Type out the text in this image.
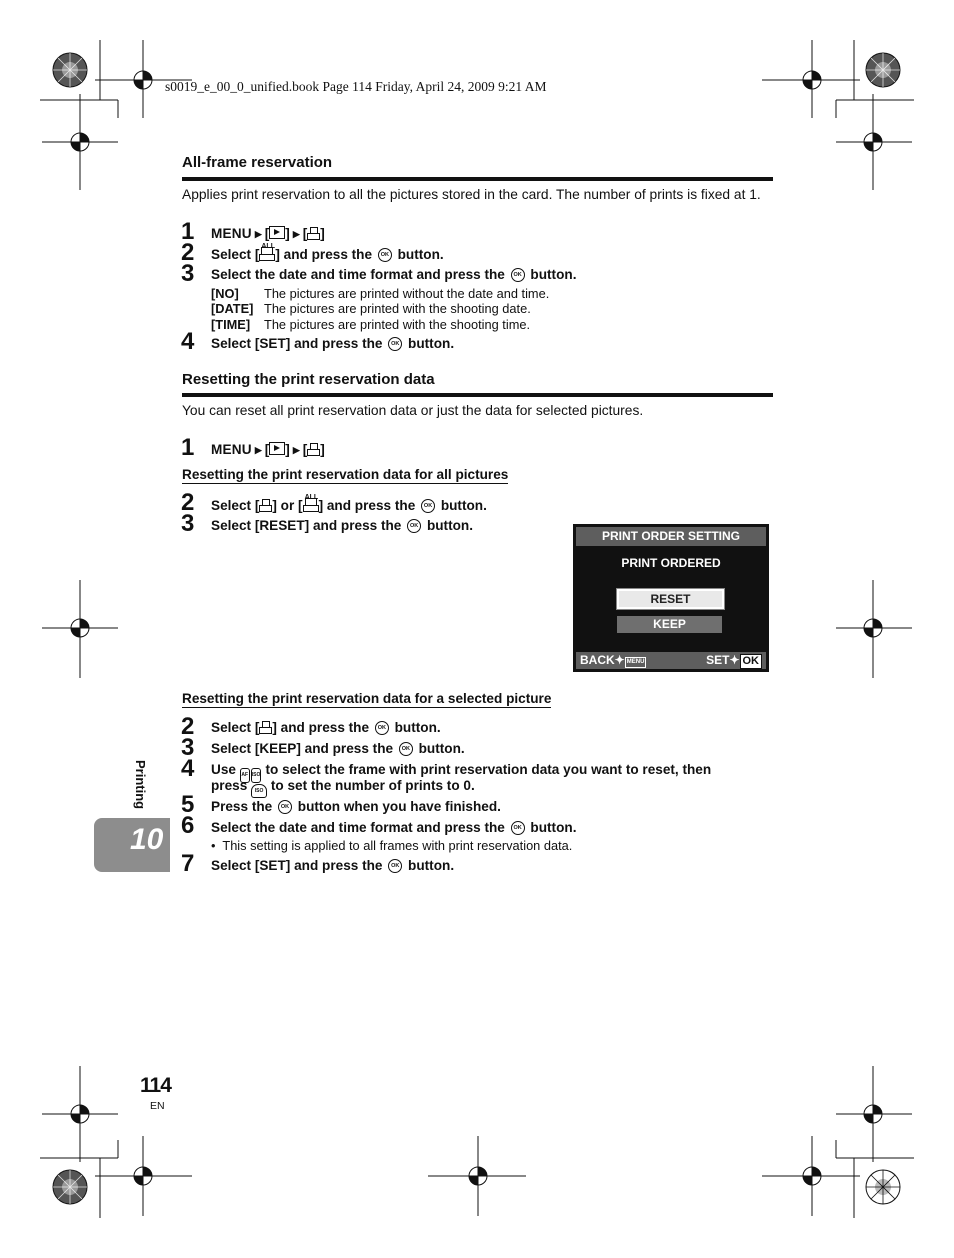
s0019_e_00_0_unified.book Page 114 Friday, April 24, 2009 9:21 AM
All-frame reservation
Applies print reservation to all the pictures stored in the card. The number of prints is fixed at 1.
1 MENU ▶ [ ] ▶ [ ]
2 Select [
ALL
] and press the OK button.
3 Select the date and time format and press the OK button.
[NO] The pictures are printed without the date and time.
[DATE] The pictures are printed with the shooting date.
[TIME] The pictures are printed with the shooting time.
4 Select [SET] and press the OK button.
Resetting the print reservation data
You can reset all print reservation data or just the data for selected pictures.
1 MENU ▶ [ ] ▶ [ ]
Resetting the print reservation data for all pictures
2 Select [ ] or [
ALL
] and press the OK button.
3 Select [RESET] and press the OK button.
PRINT ORDER SETTING
PRINT ORDERED
RESET
KEEP
BACK✦ MENU	SET✦ OK
Resetting the print reservation data for a selected picture
2 Select [ ] and press the OK button.
3 Select [KEEP] and press the OK button.
4 Use AF ISO to select the frame with print reservation data you want to reset, then
press ISO to set the number of prints to 0.
5 Press the OK button when you have finished.
6 Select the date and time format and press the OK button.
•  This setting is applied to all frames with print reservation data.
7 Select [SET] and press the OK button.
Printing
10
114
EN
